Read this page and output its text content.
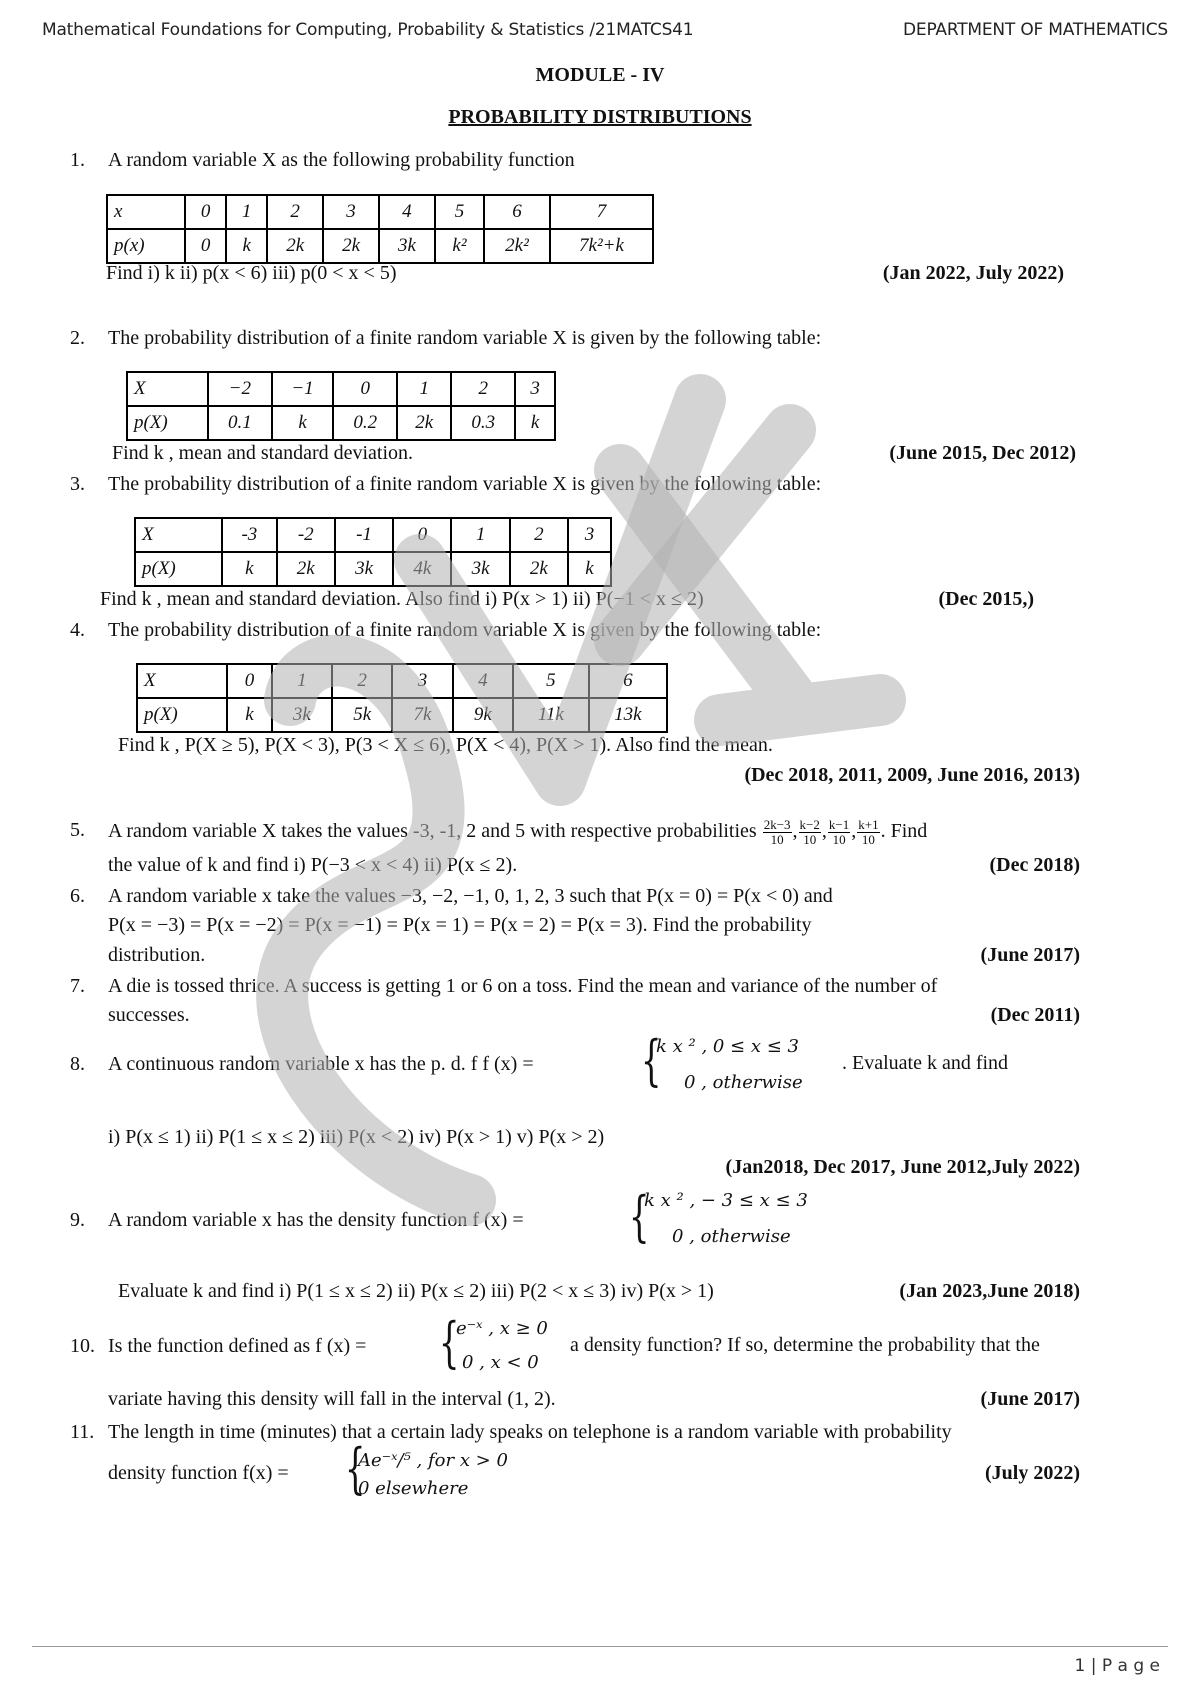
Mathematical Foundations for Computing, Probability & Statistics /21MATCS41	DEPARTMENT OF MATHEMATICS
MODULE - IV
PROBABILITY DISTRIBUTIONS
1. A random variable X as the following probability function
x	0	1	2	3	4	5	6	7
p(x)	0	k	2k	2k	3k	k²	2k²	7k²+k
Find i) k ii) p(x < 6) iii) p(0 < x < 5)	(Jan 2022, July 2022)
2. The probability distribution of a finite random variable X is given by the following table:
X	−2	−1	0	1	2	3
p(X)	0.1	k	0.2	2k	0.3	k
Find k , mean and standard deviation.	(June 2015, Dec 2012)
3. The probability distribution of a finite random variable X is given by the following table:
X	-3	-2	-1	0	1	2	3
p(X)	k	2k	3k	4k	3k	2k	k
Find k , mean and standard deviation. Also find i) P(x > 1) ii) P(−1 < x ≤ 2)	(Dec 2015,)
4. The probability distribution of a finite random variable X is given by the following table:
X	0	1	2	3	4	5	6
p(X)	k	3k	5k	7k	9k	11k	13k
Find k , P(X ≥ 5), P(X < 3), P(3 < X ≤ 6), P(X < 4), P(X > 1). Also find the mean.
(Dec 2018, 2011, 2009, June 2016, 2013)
5. A random variable X takes the values -3, -1, 2 and 5 with respective probabilities $\frac{2k-3}{10}$ , $\frac{k-2}{10}$ , $\frac{k-1}{10}$ , $\frac{k+1}{10}$ . Find
the value of k and find i) P(−3 < x < 4) ii) P(x ≤ 2).	(Dec 2018)
6. A random variable x take the values −3, −2, −1, 0, 1, 2, 3 such that P(x = 0) = P(x < 0) and
P(x = −3) = P(x = −2) = P(x = −1) = P(x = 1) = P(x = 2) = P(x = 3). Find the probability
distribution.	(June 2017)
7. A die is tossed thrice. A success is getting 1 or 6 on a toss. Find the mean and variance of the number of
successes.	(Dec 2011)
8. A continuous random variable x has the p. d. f f (x) = {
k x ² , 0 ≤ x ≤ 3
0 , otherwise
. Evaluate k and find
i) P(x ≤ 1) ii) P(1 ≤ x ≤ 2) iii) P(x < 2) iv) P(x > 1) v) P(x > 2)
(Jan2018, Dec 2017, June 2012,July 2022)
9. A random variable x has the density function f (x) = {
k x ² , − 3 ≤ x ≤ 3
0 , otherwise
Evaluate k and find i) P(1 ≤ x ≤ 2) ii) P(x ≤ 2) iii) P(2 < x ≤ 3) iv) P(x > 1)	(Jan 2023,June 2018)
10. Is the function defined as f (x) = {
e⁻ˣ , x ≥ 0
0 , x < 0
a density function? If so, determine the probability that the
variate having this density will fall in the interval (1, 2).	(June 2017)
11. The length in time (minutes) that a certain lady speaks on telephone is a random variable with probability
density function f(x) = {
Ae⁻ˣ/⁵ , for x > 0
0 elsewhere
(July 2022)
1 | P a g e
